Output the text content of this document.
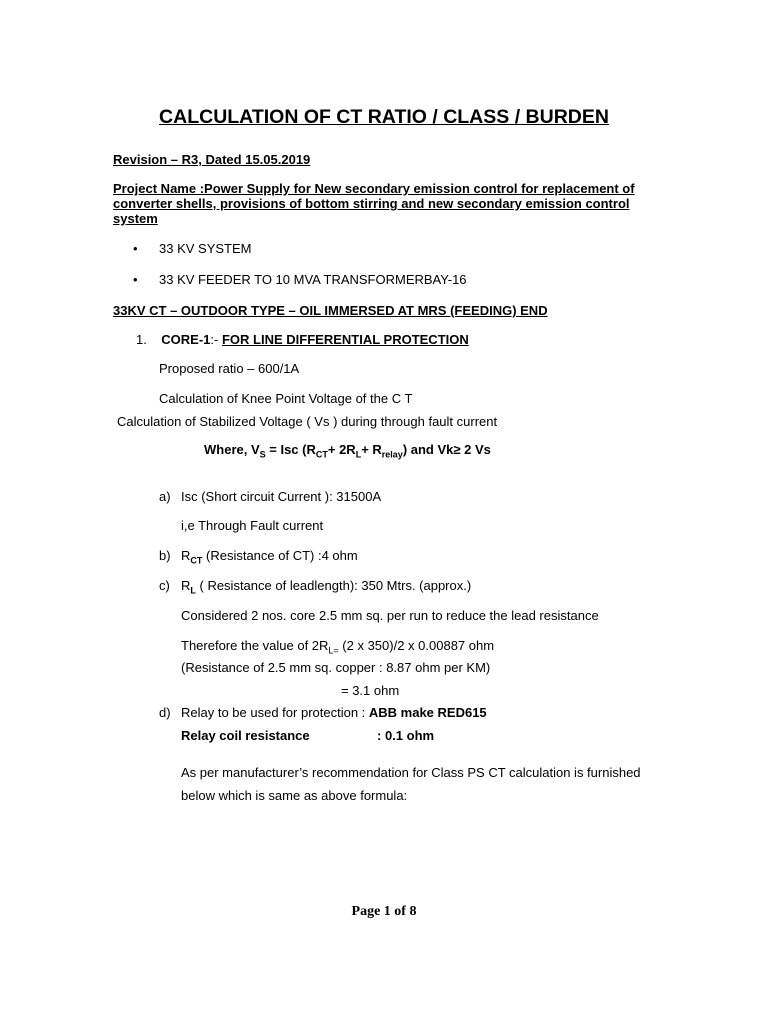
CALCULATION OF CT RATIO / CLASS / BURDEN
Revision – R3, Dated 15.05.2019
Project Name :Power Supply for New secondary emission control for replacement of
converter shells, provisions of bottom stirring and new secondary emission control
system
• 33 KV SYSTEM
• 33 KV FEEDER TO 10 MVA TRANSFORMERBAY-16
33KV CT – OUTDOOR TYPE – OIL IMMERSED AT MRS (FEEDING) END
1. CORE-1:- FOR LINE DIFFERENTIAL PROTECTION
Proposed ratio – 600/1A
Calculation of Knee Point Voltage of the C T
Calculation of Stabilized Voltage ( Vs ) during through fault current
Where, $V_S$ = Isc $(R_{CT}+ 2R_L+ R_{relay})$ and Vk≥ 2 Vs
a) Isc (Short circuit Current ): 31500A
i,e Through Fault current
b) $R_{CT}$ (Resistance of CT) :4 ohm
c) $R_L$ ( Resistance of leadlength): 350 Mtrs. (approx.)
Considered 2 nos. core 2.5 mm sq. per run to reduce the lead resistance
Therefore the value of $2R_{L=}$ (2 x 350)/2 x 0.00887 ohm
(Resistance of 2.5 mm sq. copper : 8.87 ohm per KM)
= 3.1 ohm
d) Relay to be used for protection : ABB make RED615
Relay coil resistance	: 0.1 ohm
As per manufacturer’s recommendation for Class PS CT calculation is furnished
below which is same as above formula:
Page 1 of 8
